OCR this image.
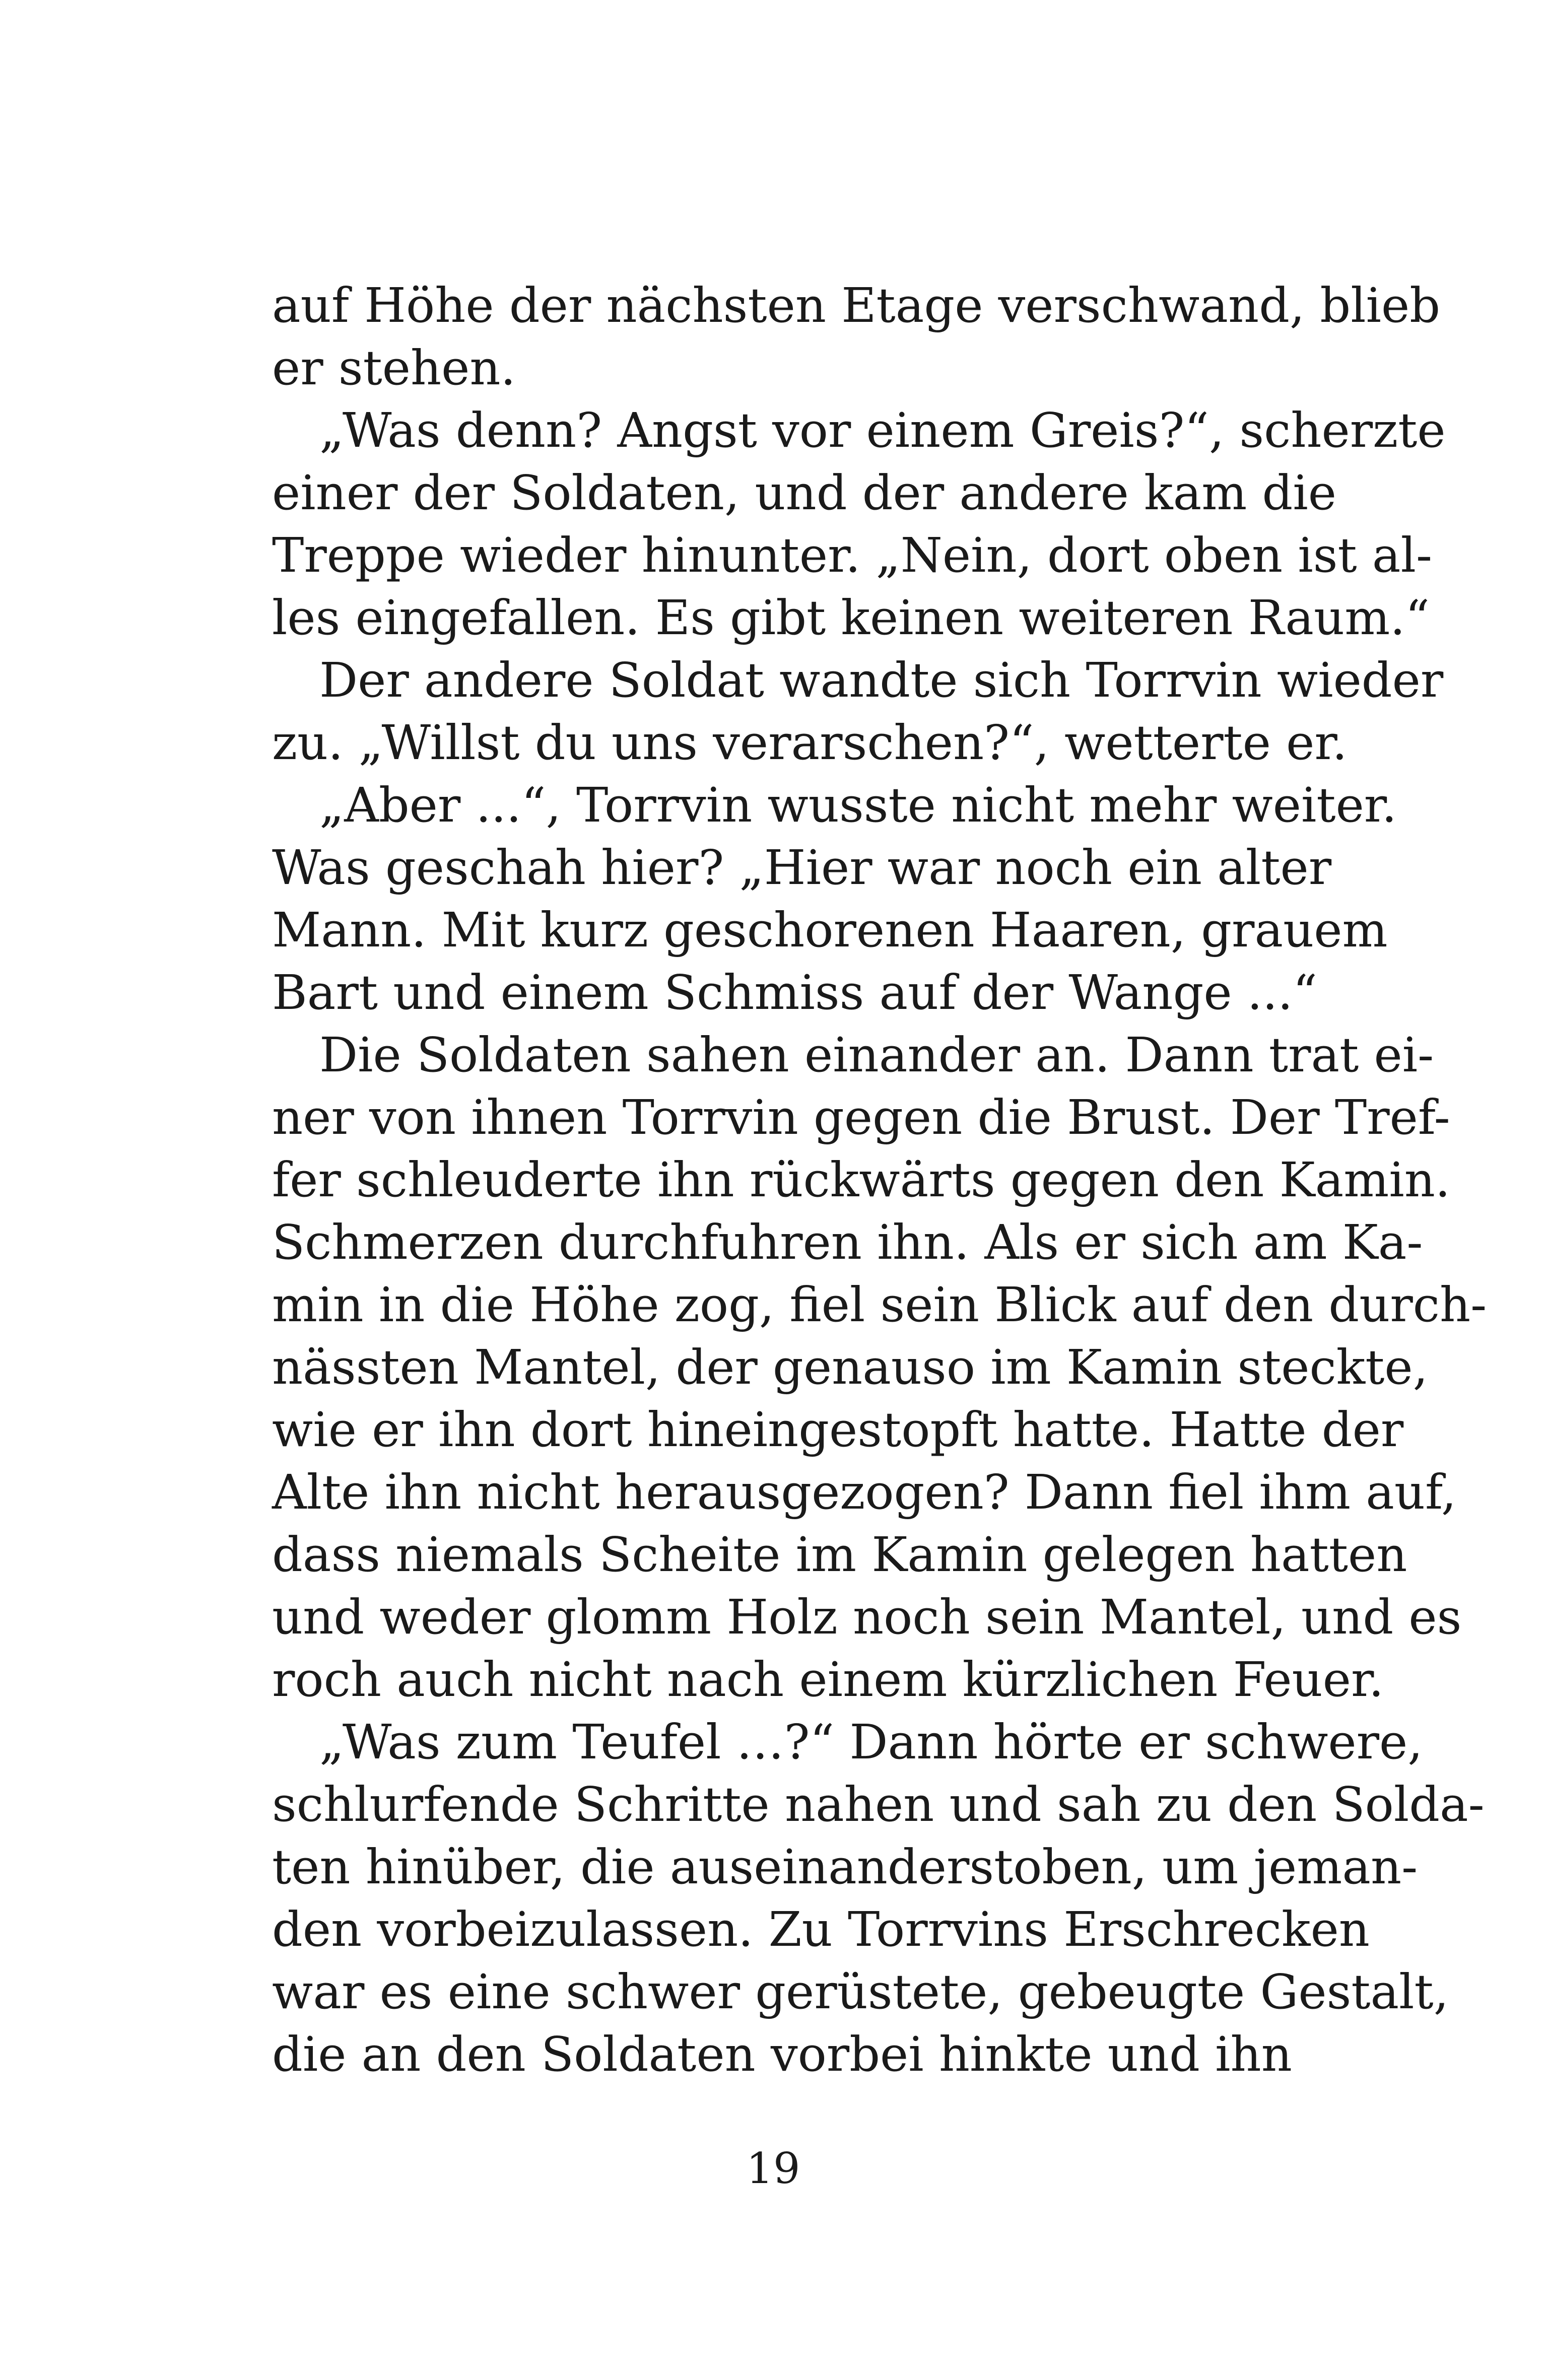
auf Höhe der nächsten Etage verschwand, blieb
er stehen.
„Was denn? Angst vor einem Greis?“, scherzte
einer der Soldaten, und der andere kam die
Treppe wieder hinunter. „Nein, dort oben ist al-
les eingefallen. Es gibt keinen weiteren Raum.“
Der andere Soldat wandte sich Torrvin wieder
zu. „Willst du uns verarschen?“, wetterte er.
„Aber ...“, Torrvin wusste nicht mehr weiter.
Was geschah hier? „Hier war noch ein alter
Mann. Mit kurz geschorenen Haaren, grauem
Bart und einem Schmiss auf der Wange ...“
Die Soldaten sahen einander an. Dann trat ei-
ner von ihnen Torrvin gegen die Brust. Der Tref-
fer schleuderte ihn rückwärts gegen den Kamin.
Schmerzen durchfuhren ihn. Als er sich am Ka-
min in die Höhe zog, fiel sein Blick auf den durch-
nässten Mantel, der genauso im Kamin steckte,
wie er ihn dort hineingestopft hatte. Hatte der
Alte ihn nicht herausgezogen? Dann fiel ihm auf,
dass niemals Scheite im Kamin gelegen hatten
und weder glomm Holz noch sein Mantel, und es
roch auch nicht nach einem kürzlichen Feuer.
„Was zum Teufel …?“ Dann hörte er schwere,
schlurfende Schritte nahen und sah zu den Solda-
ten hinüber, die auseinanderstoben, um jeman-
den vorbeizulassen. Zu Torrvins Erschrecken
war es eine schwer gerüstete, gebeugte Gestalt,
die an den Soldaten vorbei hinkte und ihn
19
